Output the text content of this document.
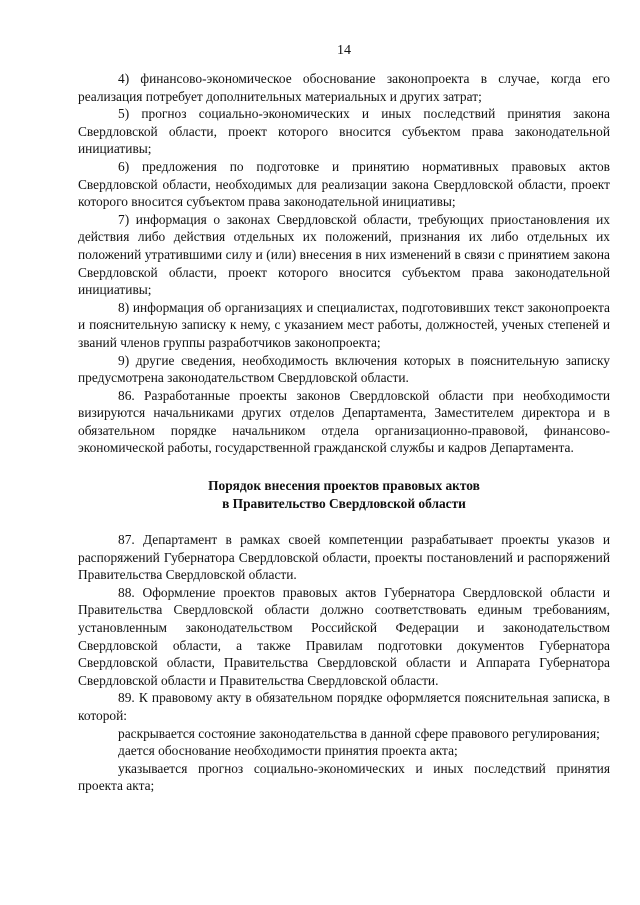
14

4) финансово-экономическое обоснование законопроекта в случае, когда его реализация потребует дополнительных материальных и других затрат;

5) прогноз социально-экономических и иных последствий принятия закона Свердловской области, проект которого вносится субъектом права законодательной инициативы;

6) предложения по подготовке и принятию нормативных правовых актов Свердловской области, необходимых для реализации закона Свердловской области, проект которого вносится субъектом права законодательной инициативы;

7) информация о законах Свердловской области, требующих приостановления их действия либо действия отдельных их положений, признания их либо отдельных их положений утратившими силу и (или) внесения в них изменений в связи с принятием закона Свердловской области, проект которого вносится субъектом права законодательной инициативы;

8) информация об организациях и специалистах, подготовивших текст законопроекта и пояснительную записку к нему, с указанием мест работы, должностей, ученых степеней и званий членов группы разработчиков законопроекта;

9) другие сведения, необходимость включения которых в пояснительную записку предусмотрена законодательством Свердловской области.

86. Разработанные проекты законов Свердловской области при необходимости визируются начальниками других отделов Департамента, Заместителем директора и в обязательном порядке начальником отдела организационно-правовой, финансово-экономической работы, государственной гражданской службы и кадров Департамента.

Порядок внесения проектов правовых актов
в Правительство Свердловской области

87. Департамент в рамках своей компетенции разрабатывает проекты указов и распоряжений Губернатора Свердловской области, проекты постановлений и распоряжений Правительства Свердловской области.

88. Оформление проектов правовых актов Губернатора Свердловской области и Правительства Свердловской области должно соответствовать единым требованиям, установленным законодательством Российской Федерации и законодательством Свердловской области, а также Правилам подготовки документов Губернатора Свердловской области, Правительства Свердловской области и Аппарата Губернатора Свердловской области и Правительства Свердловской области.

89. К правовому акту в обязательном порядке оформляется пояснительная записка, в которой:

раскрывается состояние законодательства в данной сфере правового регулирования;

дается обоснование необходимости принятия проекта акта;

указывается прогноз социально-экономических и иных последствий принятия проекта акта;
